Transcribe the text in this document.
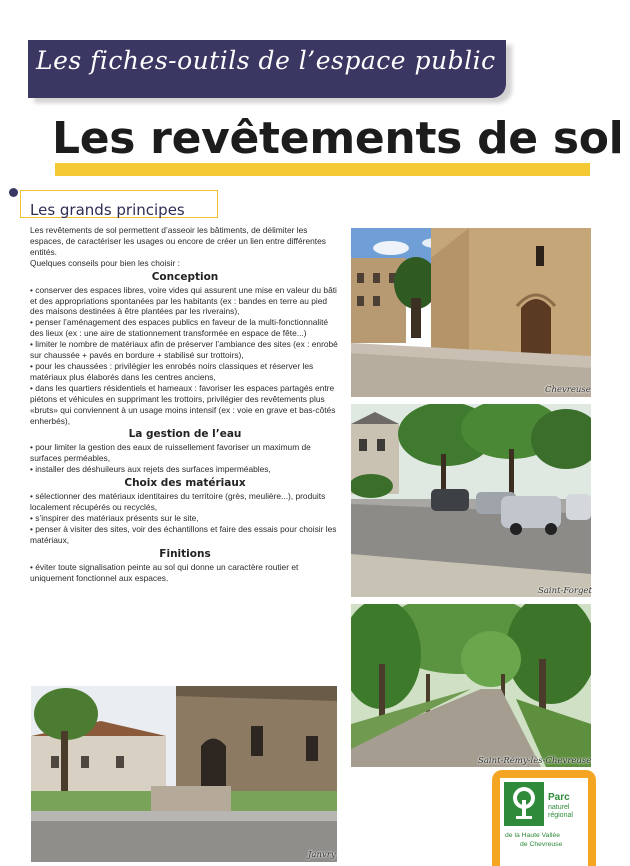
Les fiches-outils de l’espace public
Les revêtements de sol
Les grands principes

Les revêtements de sol permettent d’asseoir les bâtiments, de délimiter les espaces, de caractériser les usages ou encore de créer un lien entre différentes entités.

Quelques conseils pour bien les choisir :

Conception

• conserver des espaces libres, voire vides qui assurent une mise en valeur du bâti et des appropriations spontanées par les habitants (ex : bandes en terre au pied des maisons destinées à être plantées par les riverains),

• penser l’aménagement des espaces publics en faveur de la multi-fonctionnalité des lieux (ex : une aire de stationnement transformée en espace de fête...)

• limiter le nombre de matériaux afin de préserver l’ambiance des sites (ex : enrobé sur chaussée + pavés en bordure + stabilisé sur trottoirs),

• pour les chaussées : privilégier les enrobés noirs classiques et réserver les matériaux plus élaborés dans les centres anciens,

• dans les quartiers résidentiels et hameaux : favoriser les espaces partagés entre piétons et véhicules en supprimant les trottoirs, privilégier des revêtements plus «bruts» qui conviennent à un usage moins intensif (ex : voie en grave et bas-côtés enherbés),

La gestion de l’eau

• pour limiter la gestion des eaux de ruissellement favoriser un maximum de surfaces perméables,

• installer des déshuileurs aux rejets des surfaces imperméables,

Choix des matériaux

• sélectionner des matériaux identitaires du territoire (grès, meulière...), produits localement récupérés ou recyclés,

• s’inspirer des matériaux présents sur le site,

• penser à visiter des sites, voir des échantillons et faire des essais pour choisir les matériaux,

Finitions

• éviter toute signalisation peinte au sol qui donne un caractère routier et uniquement fonctionnel aux espaces.

Chevreuse
Saint-Forget
Saint-Rémy-lès-Chevreuse
Janvry
Parc
naturel
régional
de la Haute Vallée
de Chevreuse
